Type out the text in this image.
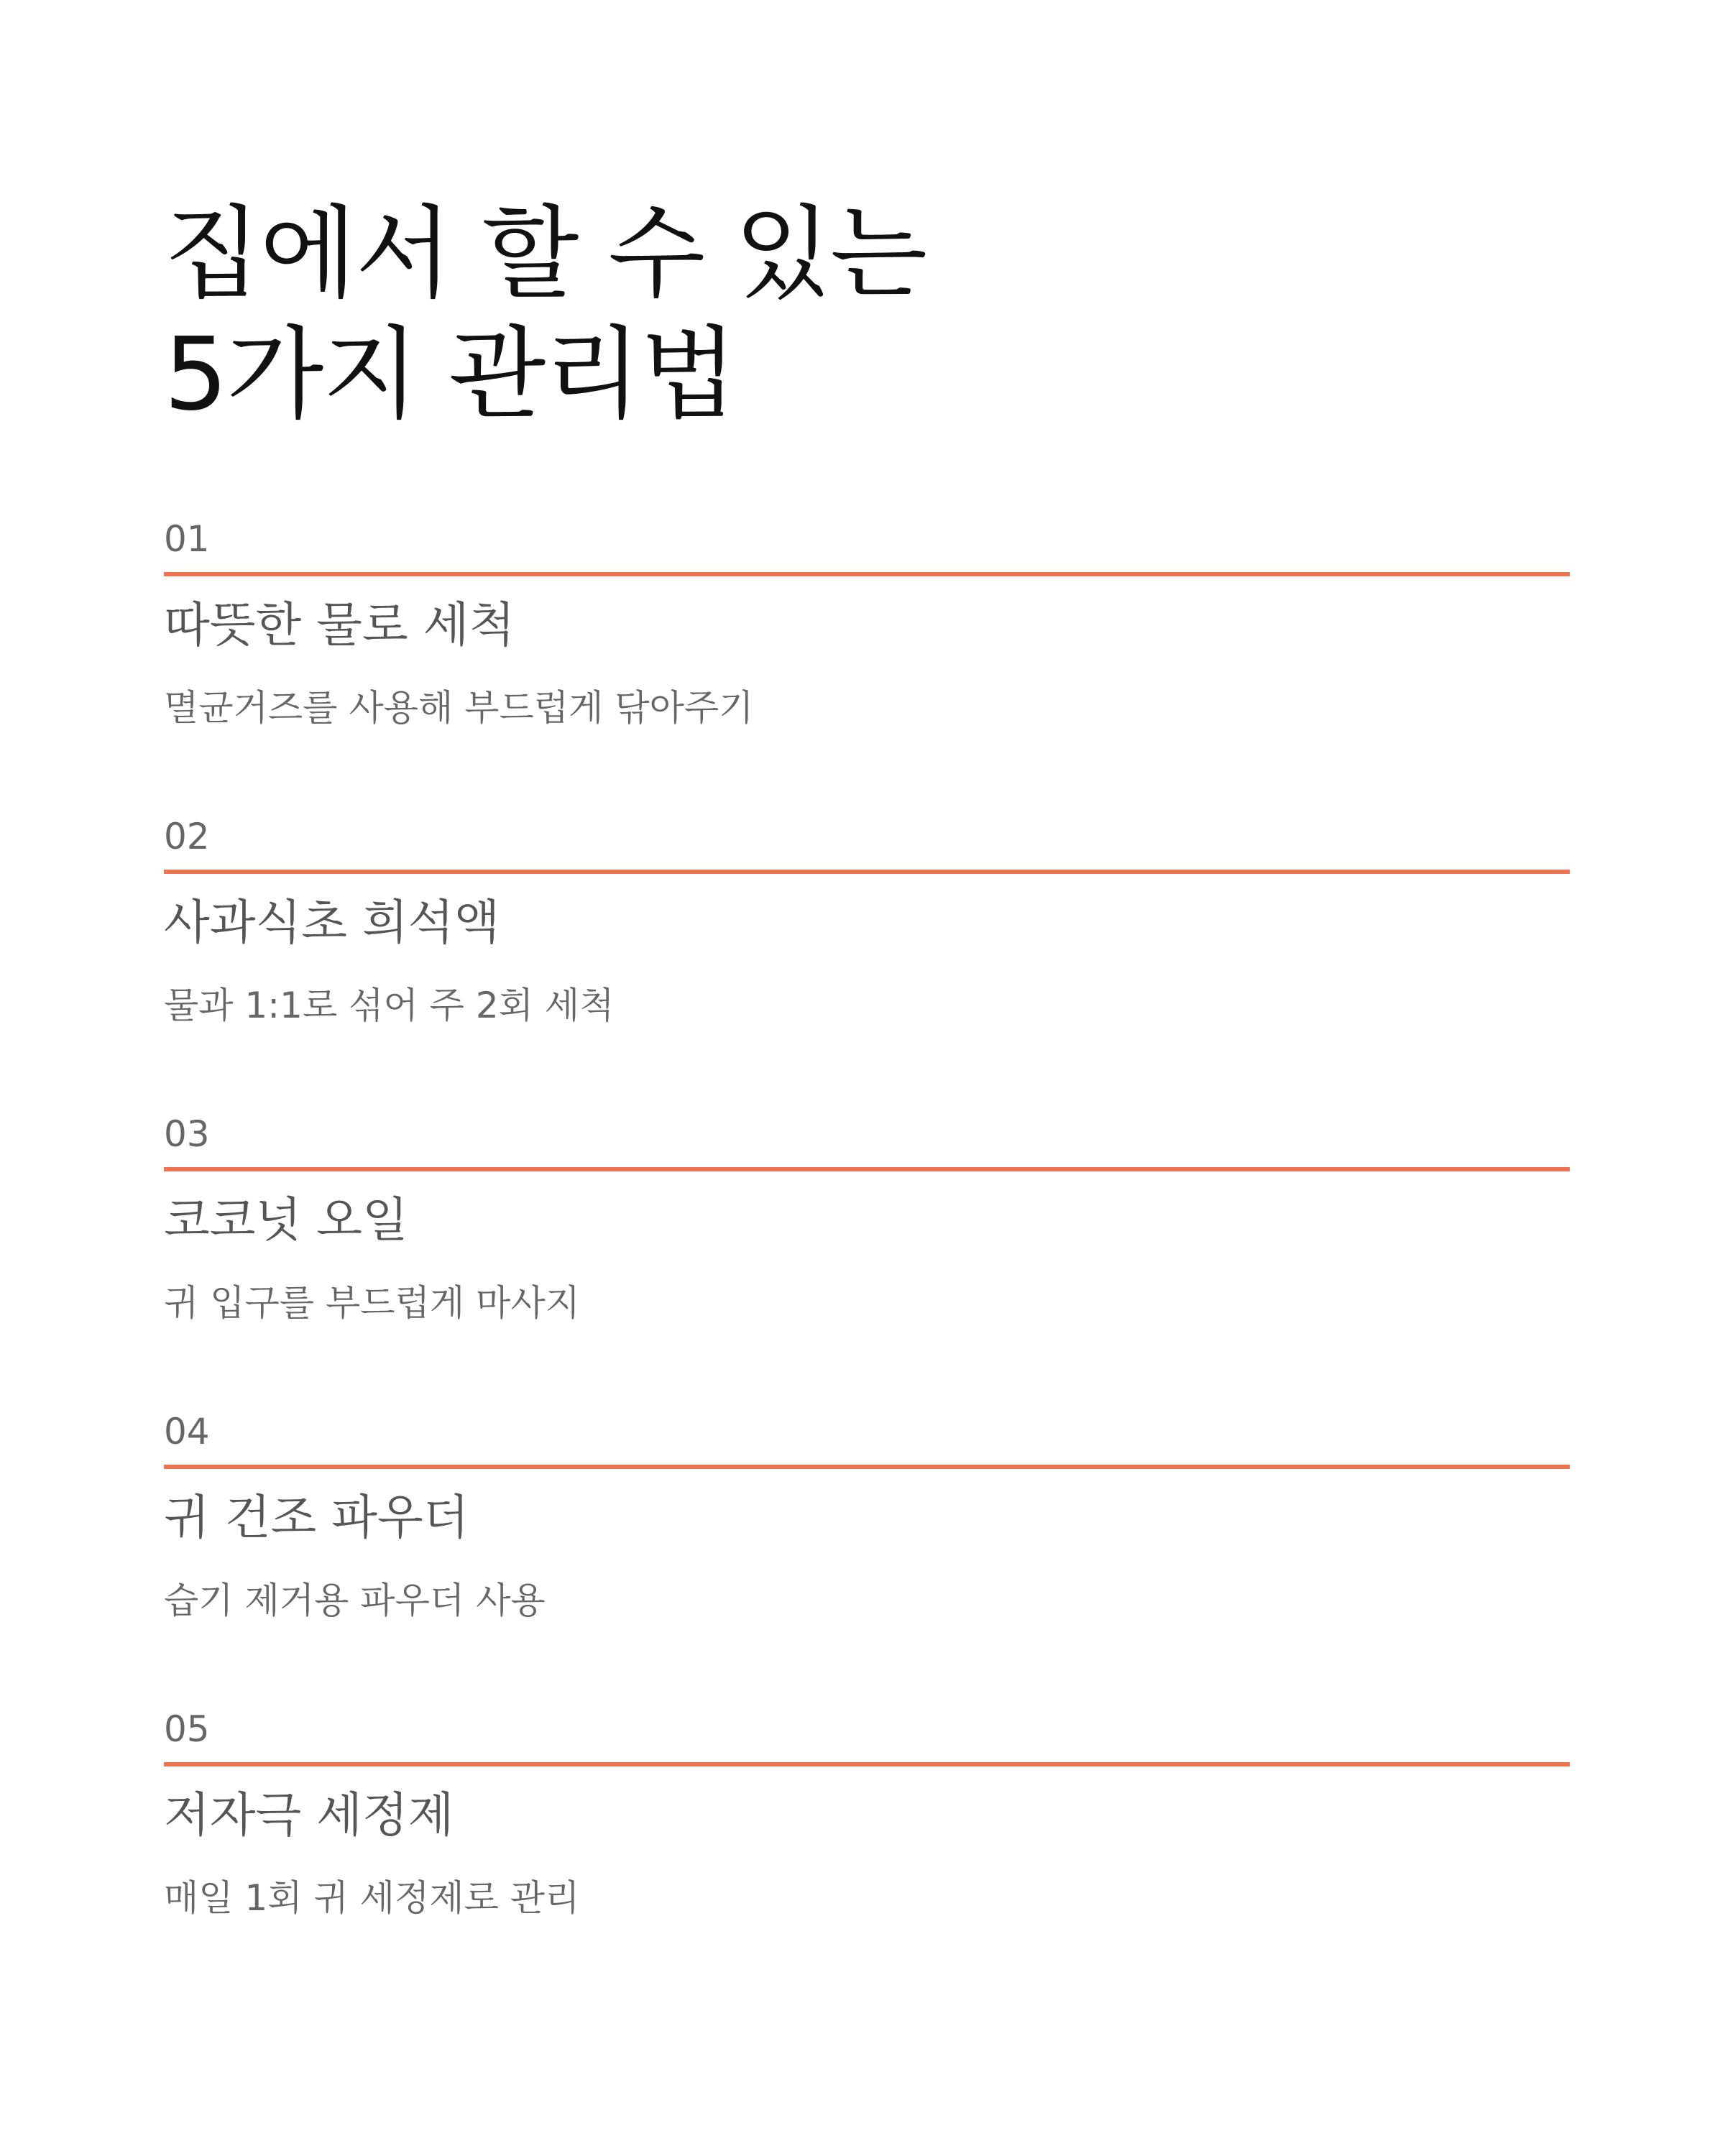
집에서 할 수 있는
5가지 관리법
01
따뜻한 물로 세척
멸균거즈를 사용해 부드럽게 닦아주기
02
사과식초 희석액
물과 1:1로 섞어 주 2회 세척
03
코코넛 오일
귀 입구를 부드럽게 마사지
04
귀 건조 파우더
습기 제거용 파우더 사용
05
저자극 세정제
매일 1회 귀 세정제로 관리
